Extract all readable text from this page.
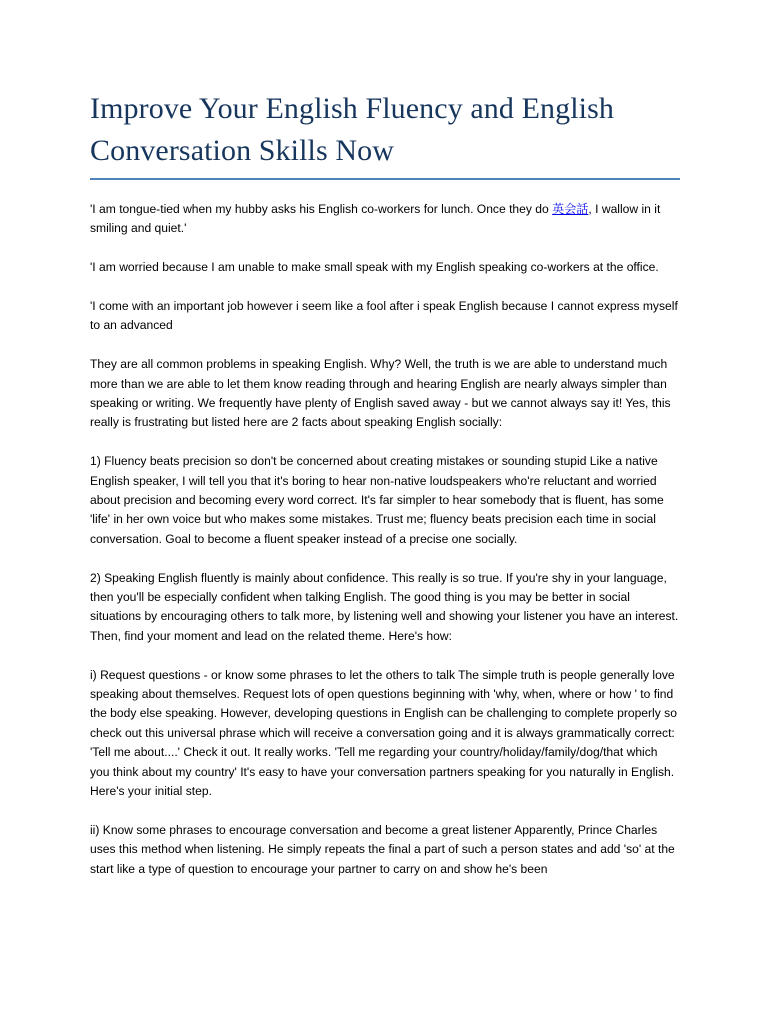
Improve Your English Fluency and English Conversation Skills Now

'I am tongue-tied when my hubby asks his English co-workers for lunch. Once they do 英会話, I wallow in it smiling and quiet.'

'I am worried because I am unable to make small speak with my English speaking co-workers at the office.

'I come with an important job however i seem like a fool after i speak English because I cannot express myself to an advanced

They are all common problems in speaking English. Why? Well, the truth is we are able to understand much more than we are able to let them know reading through and hearing English are nearly always simpler than speaking or writing. We frequently have plenty of English saved away - but we cannot always say it! Yes, this really is frustrating but listed here are 2 facts about speaking English socially:

1) Fluency beats precision so don't be concerned about creating mistakes or sounding stupid Like a native English speaker, I will tell you that it's boring to hear non-native loudspeakers who're reluctant and worried about precision and becoming every word correct. It's far simpler to hear somebody that is fluent, has some 'life' in her own voice but who makes some mistakes. Trust me; fluency beats precision each time in social conversation. Goal to become a fluent speaker instead of a precise one socially.

2) Speaking English fluently is mainly about confidence. This really is so true. If you're shy in your language, then you'll be especially confident when talking English. The good thing is you may be better in social situations by encouraging others to talk more, by listening well and showing your listener you have an interest. Then, find your moment and lead on the related theme. Here's how:

i) Request questions - or know some phrases to let the others to talk The simple truth is people generally love speaking about themselves. Request lots of open questions beginning with 'why, when, where or how ' to find the body else speaking. However, developing questions in English can be challenging to complete properly so check out this universal phrase which will receive a conversation going and it is always grammatically correct: 'Tell me about....' Check it out. It really works. 'Tell me regarding your country/holiday/family/dog/that which you think about my country' It's easy to have your conversation partners speaking for you naturally in English. Here's your initial step.

ii) Know some phrases to encourage conversation and become a great listener Apparently, Prince Charles uses this method when listening. He simply repeats the final a part of such a person states and add 'so' at the start like a type of question to encourage your partner to carry on and show he's been
